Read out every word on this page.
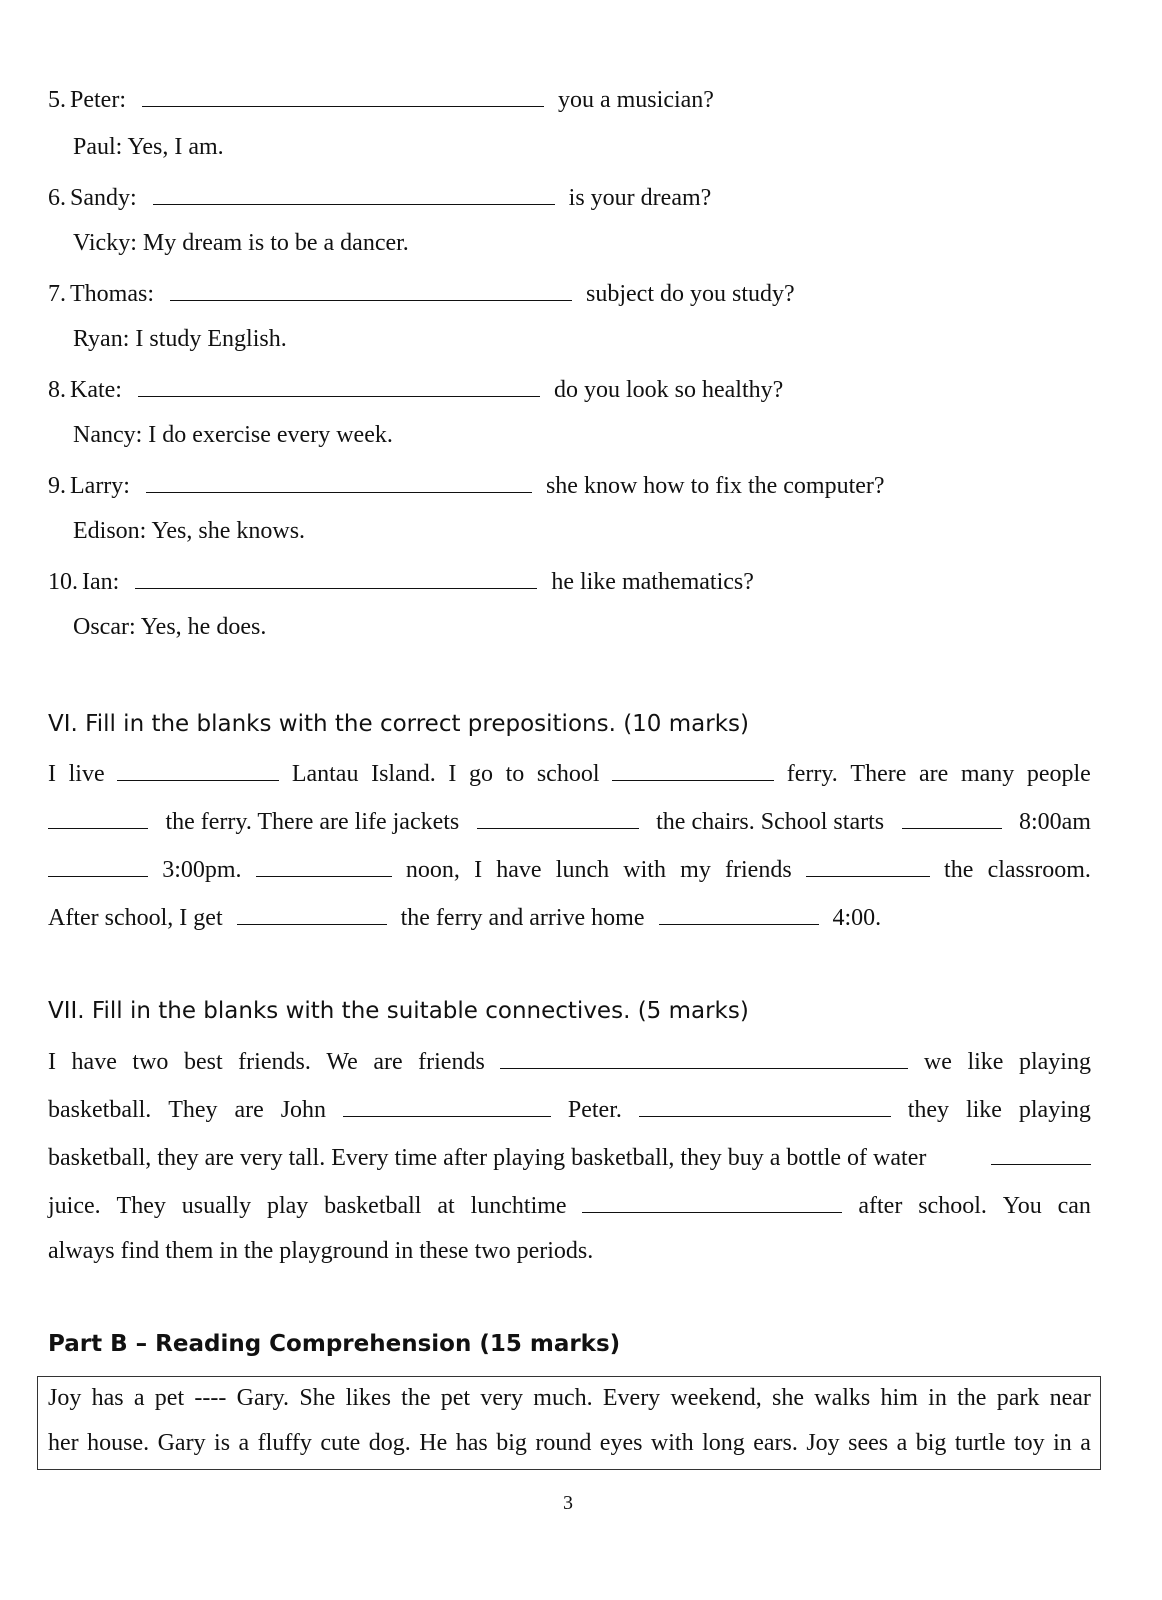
5. Peter:	you a musician?
Paul: Yes, I am.
6. Sandy:	is your dream?
Vicky: My dream is to be a dancer.
7. Thomas:	subject do you study?
Ryan: I study English.
8. Kate:	do you look so healthy?
Nancy: I do exercise every week.
9. Larry:	she know how to fix the computer?
Edison: Yes, she knows.
10. Ian:	he like mathematics?
Oscar: Yes, he does.
VI. Fill in the blanks with the correct prepositions. (10 marks)
I live	Lantau Island. I go to school	ferry. There are many people
the ferry. There are life jackets	the chairs. School starts	8:00am
3:00pm.	noon, I have lunch with my friends	the classroom.
After school, I get	the ferry and arrive home	4:00.
VII. Fill in the blanks with the suitable connectives. (5 marks)
I have two best friends. We are friends	we like playing
basketball. They are John	Peter.	they like playing
basketball, they are very tall. Every time after playing basketball, they buy a bottle of water
juice. They usually play basketball at lunchtime	after school. You can
always find them in the playground in these two periods.
Part B – Reading Comprehension (15 marks)
Joy has a pet ---- Gary. She likes the pet very much. Every weekend, she walks him in the park near
her house. Gary is a fluffy cute dog. He has big round eyes with long ears. Joy sees a big turtle toy in a
3
